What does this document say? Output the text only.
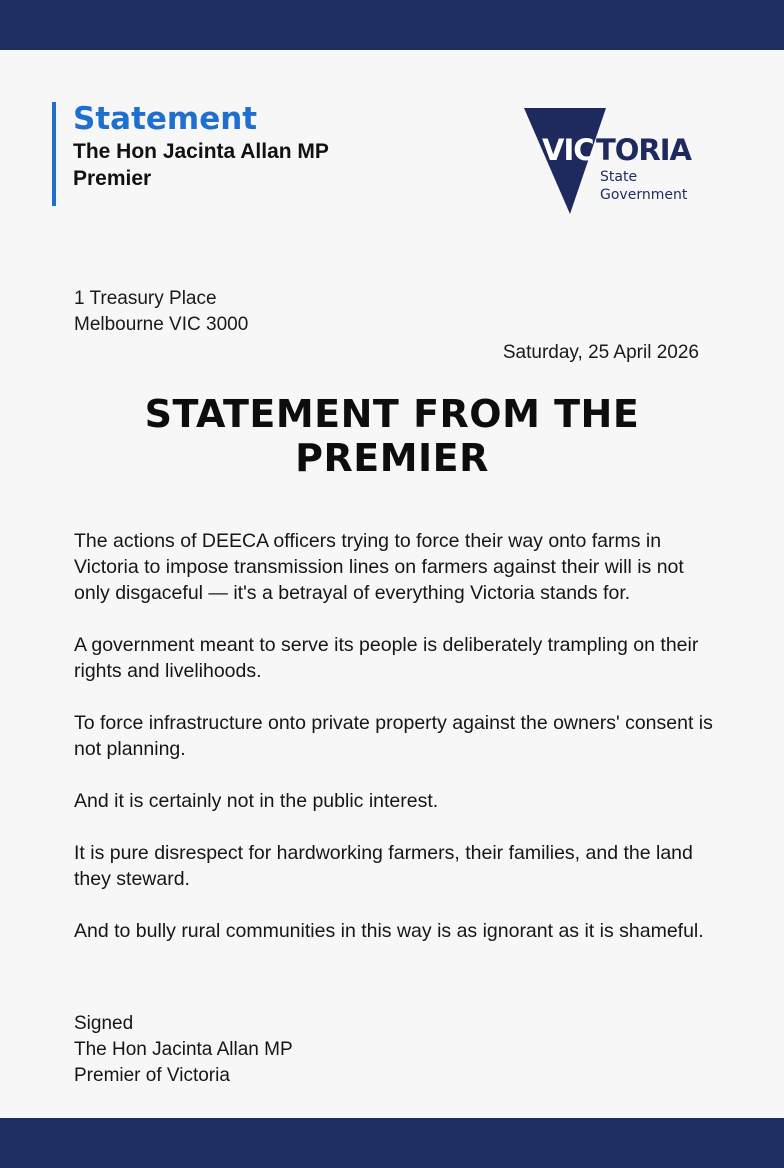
Statement
The Hon Jacinta Allan MP
Premier
VIC TORIA
State
Government
1 Treasury Place
Melbourne VIC 3000
Saturday, 25 April 2026
STATEMENT FROM THE
PREMIER

The actions of DEECA officers trying to force their way onto farms in Victoria to impose transmission lines on farmers against their will is not only disgaceful — it's a betrayal of everything Victoria stands for.

A government meant to serve its people is deliberately trampling on their rights and livelihoods.

To force infrastructure onto private property against the owners' consent is not planning.

And it is certainly not in the public interest.

It is pure disrespect for hardworking farmers, their families, and the land they steward.

And to bully rural communities in this way is as ignorant as it is shameful.

Signed
The Hon Jacinta Allan MP
Premier of Victoria
